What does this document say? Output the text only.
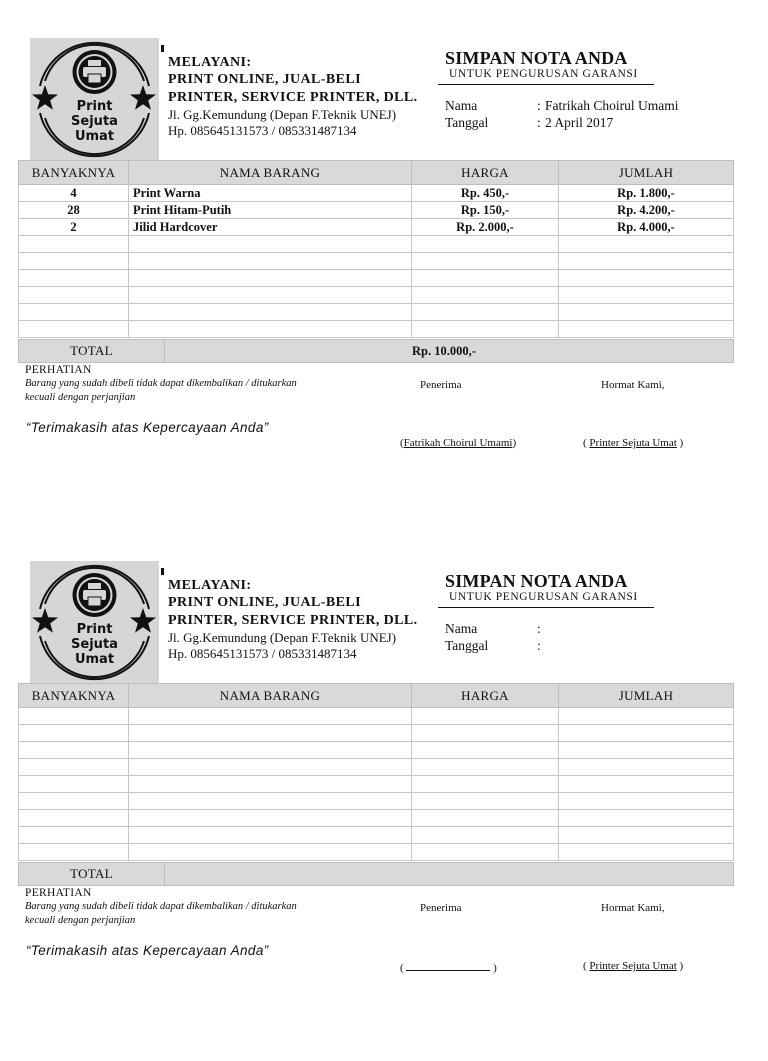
Print
Sejuta
Umat
MELAYANI:
PRINT ONLINE, JUAL-BELI
PRINTER, SERVICE PRINTER, DLL.
Jl. Gg.Kemundung (Depan F.Teknik UNEJ)
Hp. 085645131573 / 085331487134
SIMPAN NOTA ANDA
UNTUK PENGURUSAN GARANSI
Nama	: Fatrikah Choirul Umami
Tanggal	: 2 April 2017
BANYAKNYA	NAMA BARANG	HARGA	JUMLAH
4	Print Warna	Rp. 450,-	Rp. 1.800,-
28	Print Hitam-Putih	Rp. 150,-	Rp. 4.200,-
2	Jilid Hardcover	Rp. 2.000,-	Rp. 4.000,-

TOTAL	Rp. 10.000,-
PERHATIAN
Barang yang sudah dibeli tidak dapat dikembalikan / ditukarkan
kecuali dengan perjanjian
Penerima	Hormat Kami,
“Terimakasih atas Kepercayaan Anda”
(Fatrikah Choirul Umami)	( Printer Sejuta Umat )
Print
Sejuta
Umat
MELAYANI:
PRINT ONLINE, JUAL-BELI
PRINTER, SERVICE PRINTER, DLL.
Jl. Gg.Kemundung (Depan F.Teknik UNEJ)
Hp. 085645131573 / 085331487134
SIMPAN NOTA ANDA
UNTUK PENGURUSAN GARANSI
Nama	:
Tanggal	:
BANYAKNYA	NAMA BARANG	HARGA	JUMLAH

TOTAL	
PERHATIAN
Barang yang sudah dibeli tidak dapat dikembalikan / ditukarkan
kecuali dengan perjanjian
Penerima	Hormat Kami,
“Terimakasih atas Kepercayaan Anda”
(	)	( Printer Sejuta Umat )
